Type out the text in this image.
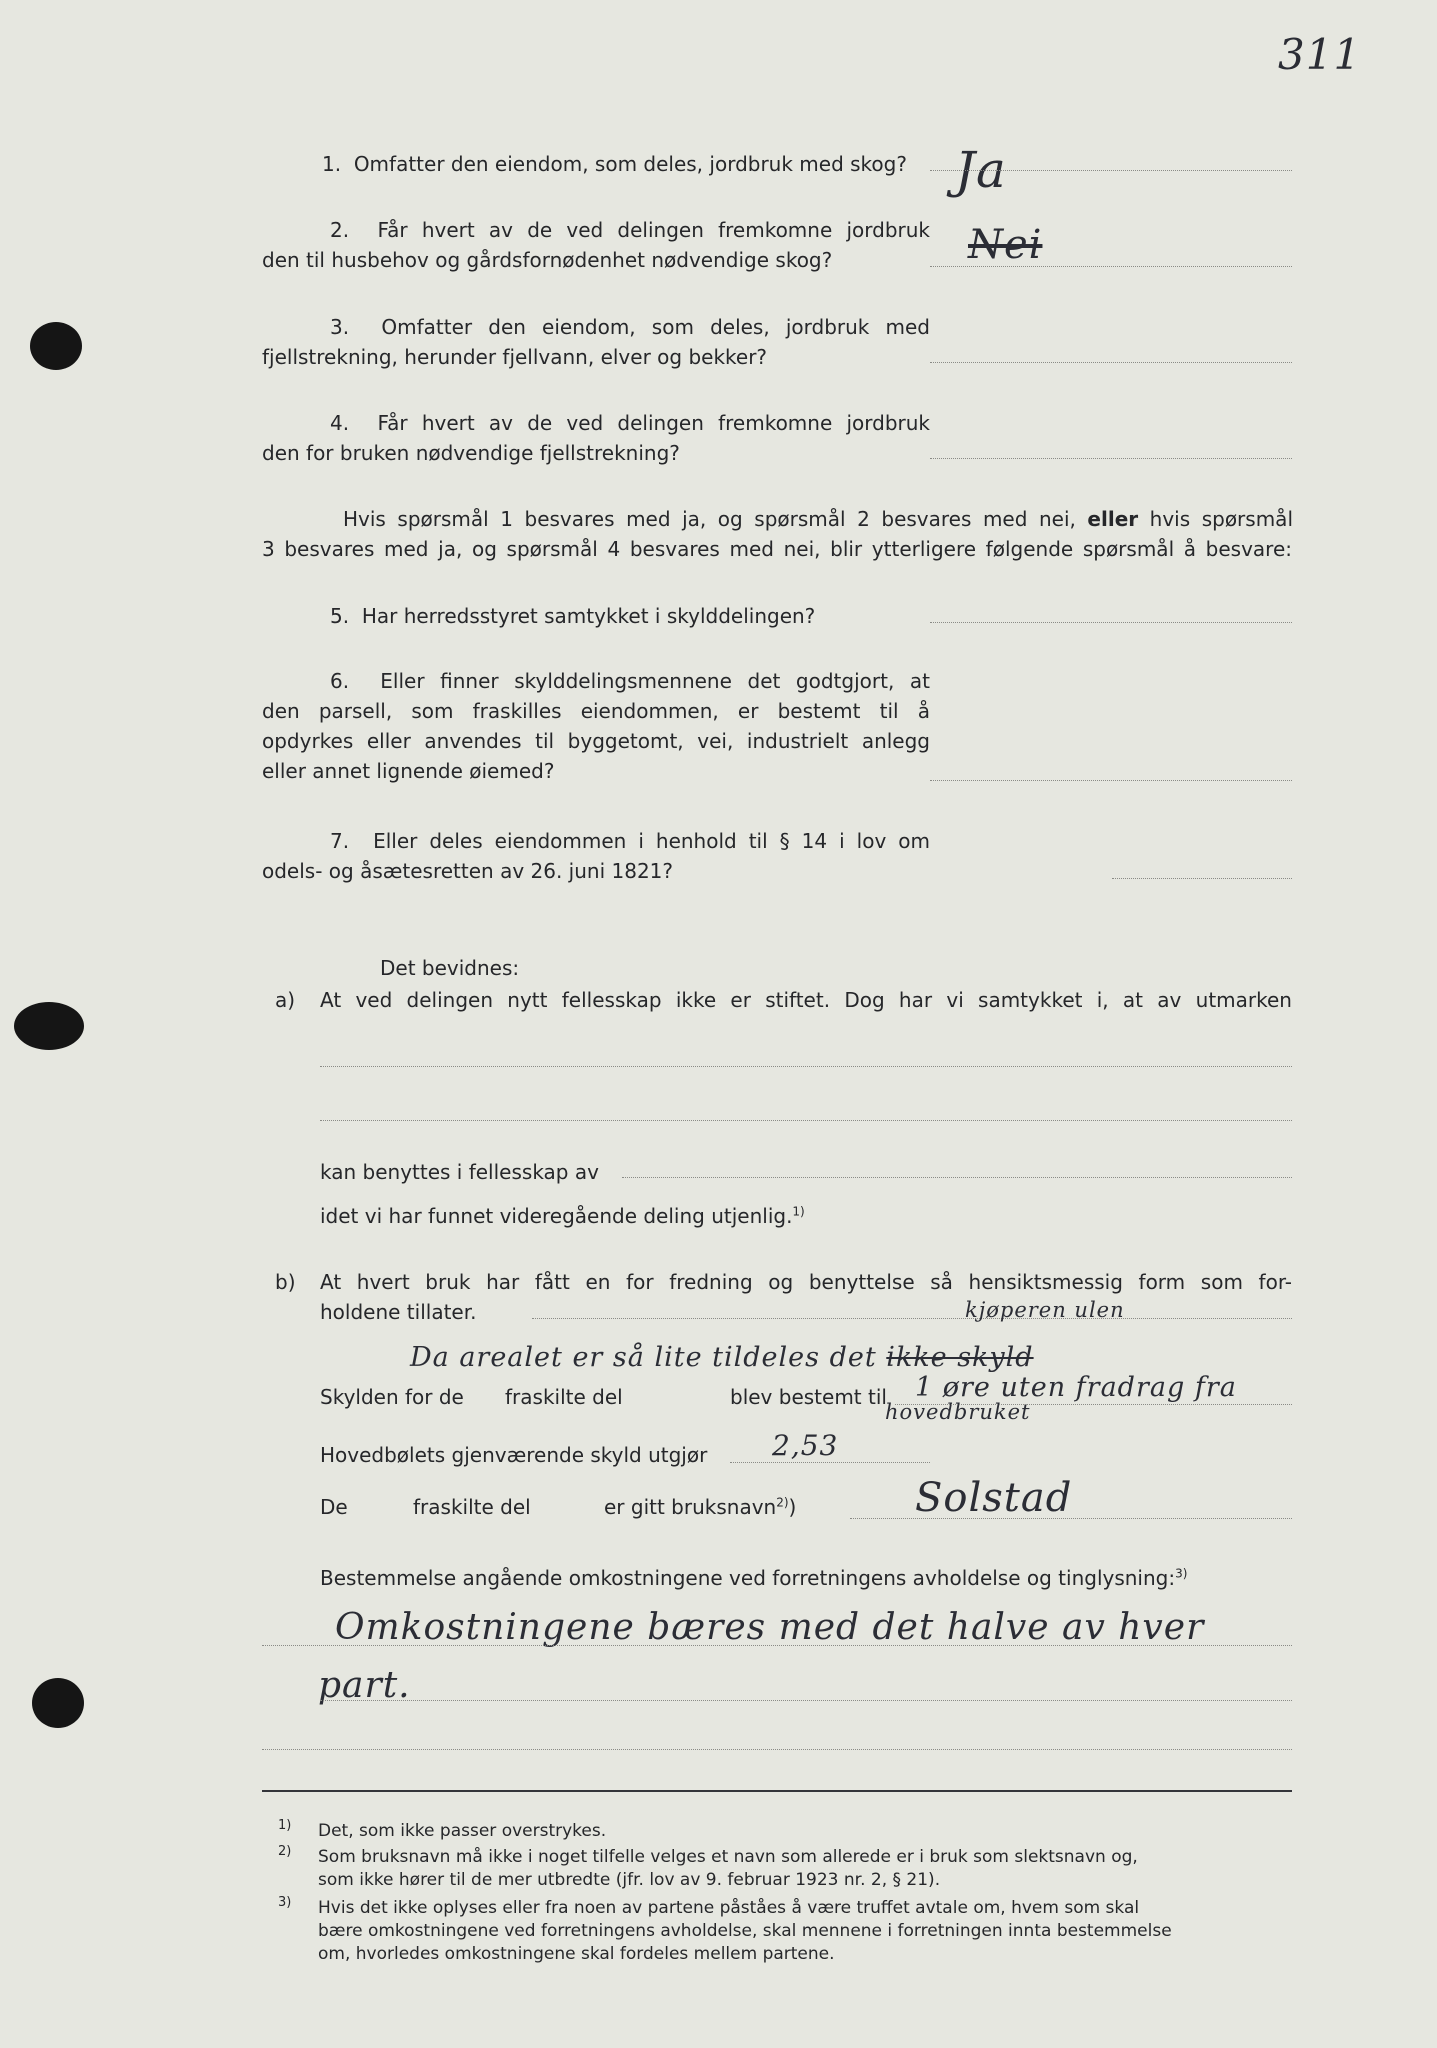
311
1. Omfatter den eiendom, som deles, jordbruk med skog? Ja
2. Får hvert av de ved delingen fremkomne jordbruk
den til husbehov og gårdsfornødenhet nødvendige skog?	Nei
3. Omfatter den eiendom, som deles, jordbruk med
fjellstrekning, herunder fjellvann, elver og bekker?
4. Får hvert av de ved delingen fremkomne jordbruk
den for bruken nødvendige fjellstrekning?
Hvis spørsmål 1 besvares med ja, og spørsmål 2 besvares med nei, eller hvis spørsmål
3 besvares med ja, og spørsmål 4 besvares med nei, blir ytterligere følgende spørsmål å besvare:
5. Har herredsstyret samtykket i skylddelingen?
6. Eller finner skylddelingsmennene det godtgjort, at
den parsell, som fraskilles eiendommen, er bestemt til å
opdyrkes eller anvendes til byggetomt, vei, industrielt anlegg
eller annet lignende øiemed?
7. Eller deles eiendommen i henhold til § 14 i lov om
odels- og åsætesretten av 26. juni 1821?
Det bevidnes:
a) At ved delingen nytt fellesskap ikke er stiftet. Dog har vi samtykket i, at av utmarken
kan benyttes i fellesskap av
idet vi har funnet videregående deling utjenlig.$^{1)}$
b) At hvert bruk har fått en for fredning og benyttelse så hensiktsmessig form som for-
holdene tillater.
Da arealet er så lite tildeles det ikke skyld
kjøperen ulen
Skylden for de fraskilte del	blev bestemt til 1 øre uten fradrag fra
hovedbruket
Hovedbølets gjenværende skyld utgjør 2,53
De	fraskilte del	er gitt bruksnavn$^{2)}$)	Solstad
Bestemmelse angående omkostningene ved forretningens avholdelse og tinglysning:$^{3)}$
Omkostningene bæres med det halve av hver
part.
1) Det, som ikke passer overstrykes.
2) Som bruksnavn må ikke i noget tilfelle velges et navn som allerede er i bruk som slektsnavn og,
som ikke hører til de mer utbredte (jfr. lov av 9. februar 1923 nr. 2, § 21).
3) Hvis det ikke oplyses eller fra noen av partene påståes å være truffet avtale om, hvem som skal
bære omkostningene ved forretningens avholdelse, skal mennene i forretningen innta bestemmelse
om, hvorledes omkostningene skal fordeles mellem partene.
